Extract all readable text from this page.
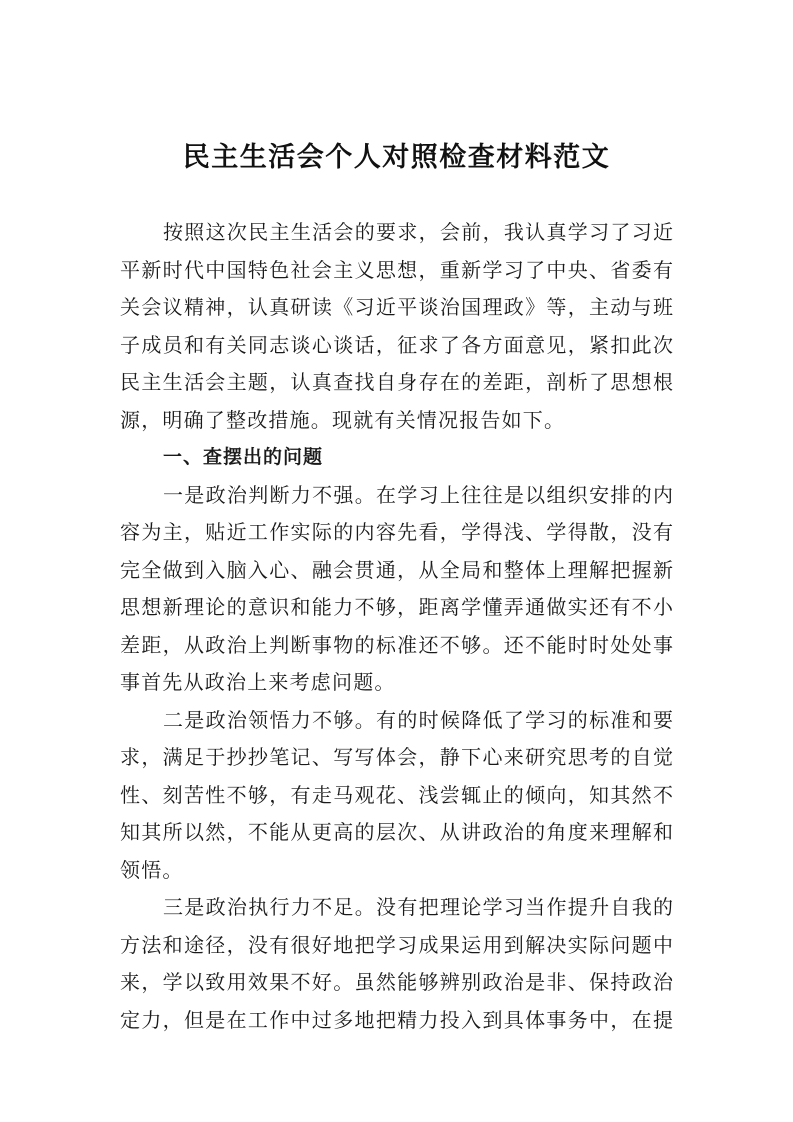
民主生活会个人对照检查材料范文
按照这次民主生活会的要求，会前，我认真学习了习近
平新时代中国特色社会主义思想，重新学习了中央、省委有
关会议精神，认真研读《习近平谈治国理政》等，主动与班
子成员和有关同志谈心谈话，征求了各方面意见，紧扣此次
民主生活会主题，认真查找自身存在的差距，剖析了思想根
源，明确了整改措施。现就有关情况报告如下。
一、查摆出的问题
一是政治判断力不强。在学习上往往是以组织安排的内
容为主，贴近工作实际的内容先看，学得浅、学得散，没有
完全做到入脑入心、融会贯通，从全局和整体上理解把握新
思想新理论的意识和能力不够，距离学懂弄通做实还有不小
差距，从政治上判断事物的标准还不够。还不能时时处处事
事首先从政治上来考虑问题。
二是政治领悟力不够。有的时候降低了学习的标准和要
求，满足于抄抄笔记、写写体会，静下心来研究思考的自觉
性、刻苦性不够，有走马观花、浅尝辄止的倾向，知其然不
知其所以然，不能从更高的层次、从讲政治的角度来理解和
领悟。
三是政治执行力不足。没有把理论学习当作提升自我的
方法和途径，没有很好地把学习成果运用到解决实际问题中
来，学以致用效果不好。虽然能够辨别政治是非、保持政治
定力，但是在工作中过多地把精力投入到具体事务中，在提
